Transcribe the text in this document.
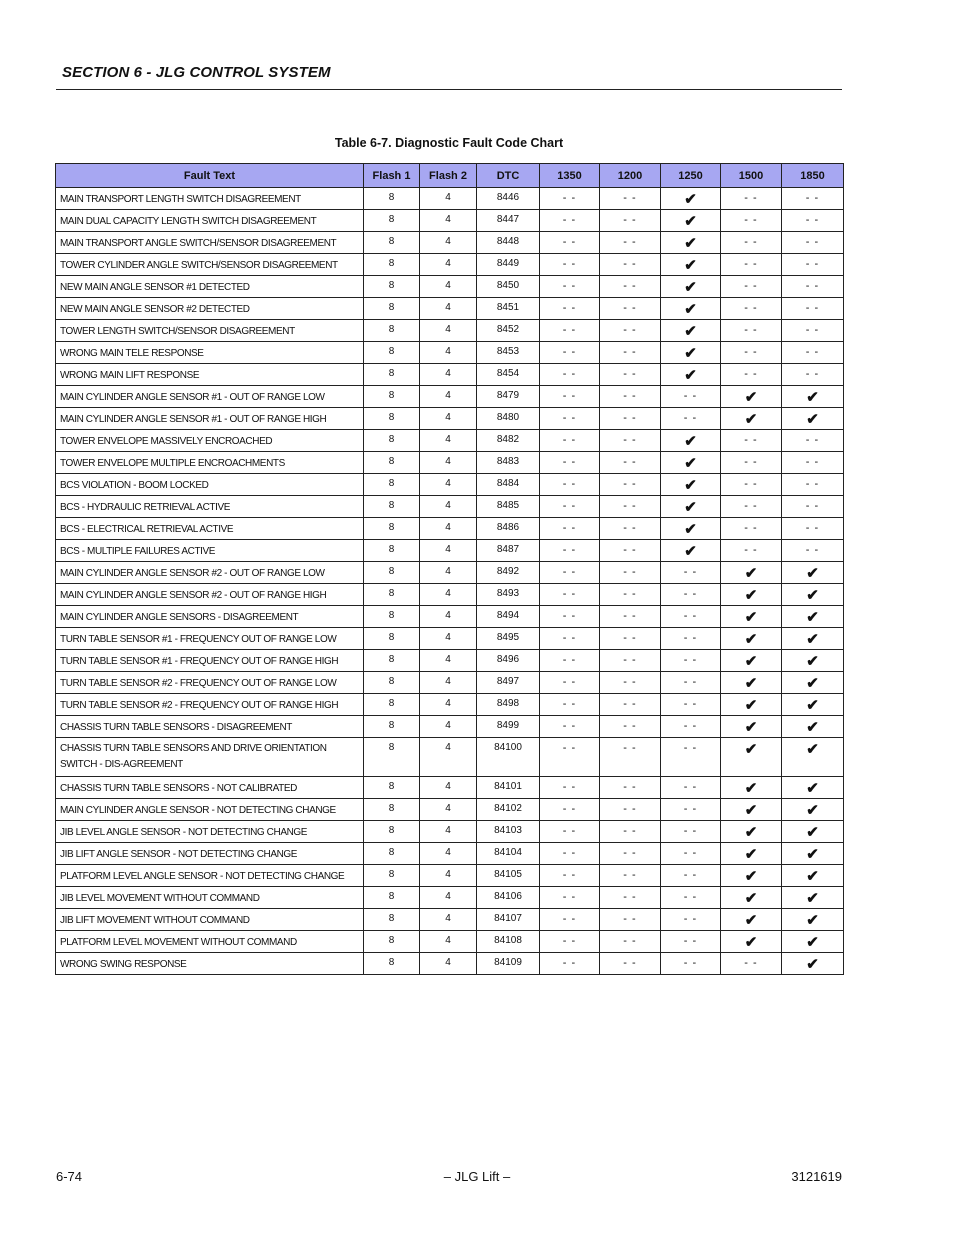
SECTION 6 - JLG CONTROL SYSTEM
Table 6-7. Diagnostic Fault Code Chart
Fault Text	Flash 1	Flash 2	DTC	1350	1200	1250	1500	1850
MAIN TRANSPORT LENGTH SWITCH DISAGREEMENT	8	4	8446	- -	- -	✔	- -	- -
MAIN DUAL CAPACITY LENGTH SWITCH DISAGREEMENT	8	4	8447	- -	- -	✔	- -	- -
MAIN TRANSPORT ANGLE SWITCH/SENSOR DISAGREEMENT	8	4	8448	- -	- -	✔	- -	- -
TOWER CYLINDER ANGLE SWITCH/SENSOR DISAGREEMENT	8	4	8449	- -	- -	✔	- -	- -
NEW MAIN ANGLE SENSOR #1 DETECTED	8	4	8450	- -	- -	✔	- -	- -
NEW MAIN ANGLE SENSOR #2 DETECTED	8	4	8451	- -	- -	✔	- -	- -
TOWER LENGTH SWITCH/SENSOR DISAGREEMENT	8	4	8452	- -	- -	✔	- -	- -
WRONG MAIN TELE RESPONSE	8	4	8453	- -	- -	✔	- -	- -
WRONG MAIN LIFT RESPONSE	8	4	8454	- -	- -	✔	- -	- -
MAIN CYLINDER ANGLE SENSOR #1 - OUT OF RANGE LOW	8	4	8479	- -	- -	- -	✔	✔
MAIN CYLINDER ANGLE SENSOR #1 - OUT OF RANGE HIGH	8	4	8480	- -	- -	- -	✔	✔
TOWER ENVELOPE MASSIVELY ENCROACHED	8	4	8482	- -	- -	✔	- -	- -
TOWER ENVELOPE MULTIPLE ENCROACHMENTS	8	4	8483	- -	- -	✔	- -	- -
BCS VIOLATION - BOOM LOCKED	8	4	8484	- -	- -	✔	- -	- -
BCS - HYDRAULIC RETRIEVAL ACTIVE	8	4	8485	- -	- -	✔	- -	- -
BCS - ELECTRICAL RETRIEVAL ACTIVE	8	4	8486	- -	- -	✔	- -	- -
BCS - MULTIPLE FAILURES ACTIVE	8	4	8487	- -	- -	✔	- -	- -
MAIN CYLINDER ANGLE SENSOR #2 - OUT OF RANGE LOW	8	4	8492	- -	- -	- -	✔	✔
MAIN CYLINDER ANGLE SENSOR #2 - OUT OF RANGE HIGH	8	4	8493	- -	- -	- -	✔	✔
MAIN CYLINDER ANGLE SENSORS - DISAGREEMENT	8	4	8494	- -	- -	- -	✔	✔
TURN TABLE SENSOR #1 - FREQUENCY OUT OF RANGE LOW	8	4	8495	- -	- -	- -	✔	✔
TURN TABLE SENSOR #1 - FREQUENCY OUT OF RANGE HIGH	8	4	8496	- -	- -	- -	✔	✔
TURN TABLE SENSOR #2 - FREQUENCY OUT OF RANGE LOW	8	4	8497	- -	- -	- -	✔	✔
TURN TABLE SENSOR #2 - FREQUENCY OUT OF RANGE HIGH	8	4	8498	- -	- -	- -	✔	✔
CHASSIS TURN TABLE SENSORS - DISAGREEMENT	8	4	8499	- -	- -	- -	✔	✔
CHASSIS TURN TABLE SENSORS AND DRIVE ORIENTATION SWITCH - DIS-AGREEMENT	8	4	84100	- -	- -	- -	✔	✔
CHASSIS TURN TABLE SENSORS - NOT CALIBRATED	8	4	84101	- -	- -	- -	✔	✔
MAIN CYLINDER ANGLE SENSOR - NOT DETECTING CHANGE	8	4	84102	- -	- -	- -	✔	✔
JIB LEVEL ANGLE SENSOR - NOT DETECTING CHANGE	8	4	84103	- -	- -	- -	✔	✔
JIB LIFT ANGLE SENSOR - NOT DETECTING CHANGE	8	4	84104	- -	- -	- -	✔	✔
PLATFORM LEVEL ANGLE SENSOR - NOT DETECTING CHANGE	8	4	84105	- -	- -	- -	✔	✔
JIB LEVEL MOVEMENT WITHOUT COMMAND	8	4	84106	- -	- -	- -	✔	✔
JIB LIFT MOVEMENT WITHOUT COMMAND	8	4	84107	- -	- -	- -	✔	✔
PLATFORM LEVEL MOVEMENT WITHOUT COMMAND	8	4	84108	- -	- -	- -	✔	✔
WRONG SWING RESPONSE	8	4	84109	- -	- -	- -	- -	✔
6-74	– JLG Lift –	3121619
